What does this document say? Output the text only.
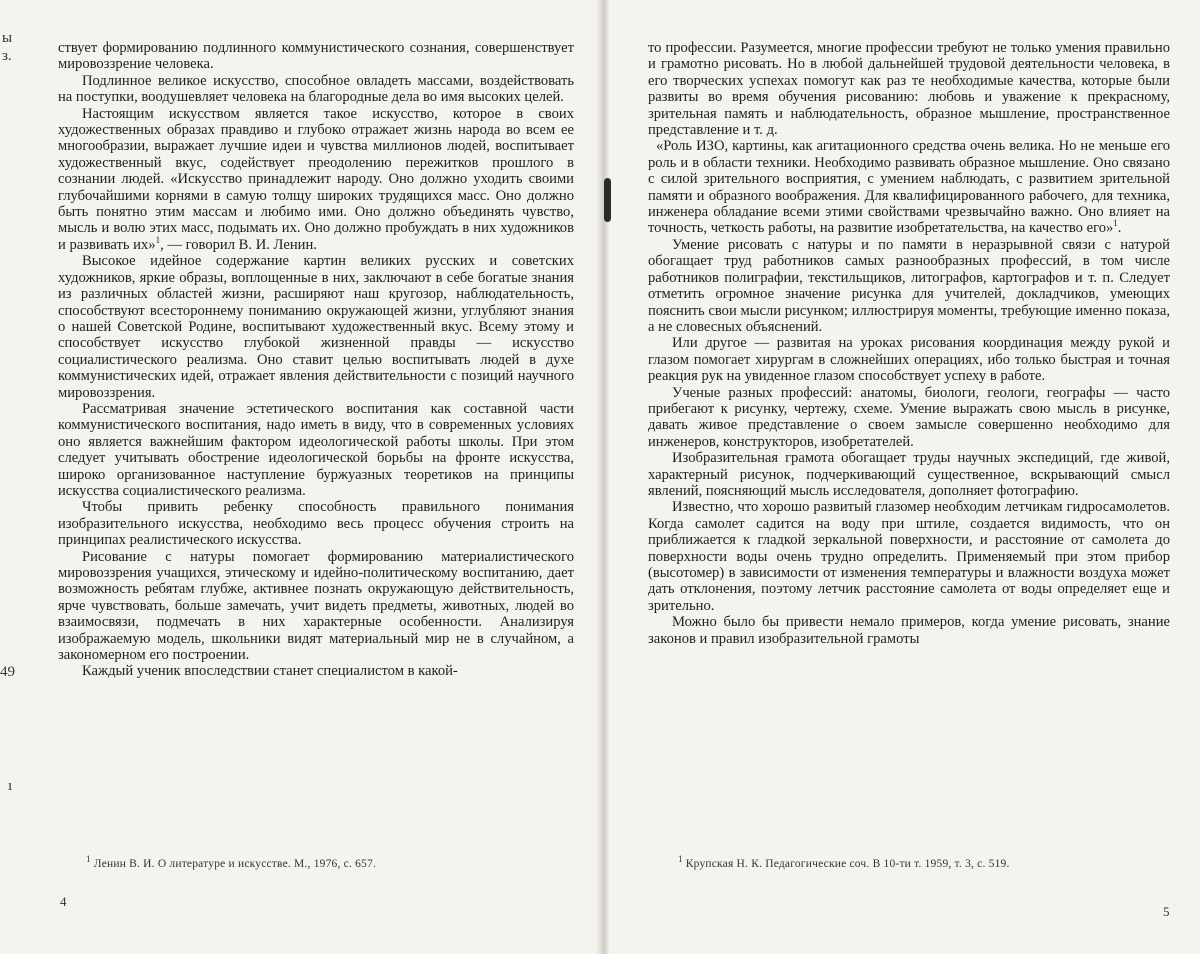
ы
з.
49
ı

ствует формированию подлинного коммунистического сознания, совершенствует мировоззрение человека.

Подлинное великое искусство, способное овладеть массами, воздействовать на поступки, воодушевляет человека на благородные дела во имя высоких целей.

Настоящим искусством является такое искусство, которое в своих художественных образах правдиво и глубоко отражает жизнь народа во всем ее многообразии, выражает лучшие идеи и чувства миллионов людей, воспитывает художественный вкус, содействует преодолению пережитков прошлого в сознании людей. «Искусство принадлежит народу. Оно должно уходить своими глубочайшими корнями в самую толщу широких трудящихся масс. Оно должно быть понятно этим массам и любимо ими. Оно должно объединять чувство, мысль и волю этих масс, подымать их. Оно должно пробуждать в них художников и развивать их»$^1$, — говорил В. И. Ленин.

Высокое идейное содержание картин великих русских и советских художников, яркие образы, воплощенные в них, заключают в себе богатые знания из различных областей жизни, расширяют наш кругозор, наблюдательность, способствуют всестороннему пониманию окружающей жизни, углубляют знания о нашей Советской Родине, воспитывают художественный вкус. Всему этому и способствует искусство глубокой жизненной правды — искусство социалистического реализма. Оно ставит целью воспитывать людей в духе коммунистических идей, отражает явления действительности с позиций научного мировоззрения.

Рассматривая значение эстетического воспитания как составной части коммунистического воспитания, надо иметь в виду, что в современных условиях оно является важнейшим фактором идеологической работы школы. При этом следует учитывать обострение идеологической борьбы на фронте искусства, широко организованное наступление буржуазных теоретиков на принципы искусства социалистического реализма.

Чтобы привить ребенку способность правильного понимания изобразительного искусства, необходимо весь процесс обучения строить на принципах реалистического искусства.

Рисование с натуры помогает формированию материалистического мировоззрения учащихся, этическому и идейно-политическому воспитанию, дает возможность ребятам глубже, активнее познать окружающую действительность, ярче чувствовать, больше замечать, учит видеть предметы, животных, людей во взаимосвязи, подмечать в них характерные особенности. Анализируя изображаемую модель, школьники видят материальный мир не в случайном, а закономерном его построении.

Каждый ученик впоследствии станет специалистом в какой-

$^1$ Ленин В. И. О литературе и искусстве. М., 1976, с. 657.
4

то профессии. Разумеется, многие профессии требуют не только умения правильно и грамотно рисовать. Но в любой дальнейшей трудовой деятельности человека, в его творческих успехах помогут как раз те необходимые качества, которые были развиты во время обучения рисованию: любовь и уважение к прекрасному, зрительная память и наблюдательность, образное мышление, пространственное представление и т. д.

«Роль ИЗО, картины, как агитационного средства очень велика. Но не меньше его роль и в области техники. Необходимо развивать образное мышление. Оно связано с силой зрительного восприятия, с умением наблюдать, с развитием зрительной памяти и образного воображения. Для квалифицированного рабочего, для техника, инженера обладание всеми этими свойствами чрезвычайно важно. Оно влияет на точность, четкость работы, на развитие изобретательства, на качество его»$^1$.

Умение рисовать с натуры и по памяти в неразрывной связи с натурой обогащает труд работников самых разнообразных профессий, в том числе работников полиграфии, текстильщиков, литографов, картографов и т. п. Следует отметить огромное значение рисунка для учителей, докладчиков, умеющих пояснить свои мысли рисунком; иллюстрируя моменты, требующие именно показа, а не словесных объяснений.

Или другое — развитая на уроках рисования координация между рукой и глазом помогает хирургам в сложнейших операциях, ибо только быстрая и точная реакция рук на увиденное глазом способствует успеху в работе.

Ученые разных профессий: анатомы, биологи, геологи, географы — часто прибегают к рисунку, чертежу, схеме. Умение выражать свою мысль в рисунке, давать живое представление о своем замысле совершенно необходимо для инженеров, конструкторов, изобретателей.

Изобразительная грамота обогащает труды научных экспедиций, где живой, характерный рисунок, подчеркивающий существенное, вскрывающий смысл явлений, поясняющий мысль исследователя, дополняет фотографию.

Известно, что хорошо развитый глазомер необходим летчикам гидросамолетов. Когда самолет садится на воду при штиле, создается видимость, что он приближается к гладкой зеркальной поверхности, и расстояние от самолета до поверхности воды очень трудно определить. Применяемый при этом прибор (высотомер) в зависимости от изменения температуры и влажности воздуха может дать отклонения, поэтому летчик расстояние самолета от воды определяет еще и зрительно.

Можно было бы привести немало примеров, когда умение рисовать, знание законов и правил изобразительной грамоты

$^1$ Крупская Н. К. Педагогические соч. В 10-ти т. 1959, т. 3, с. 519.
5
